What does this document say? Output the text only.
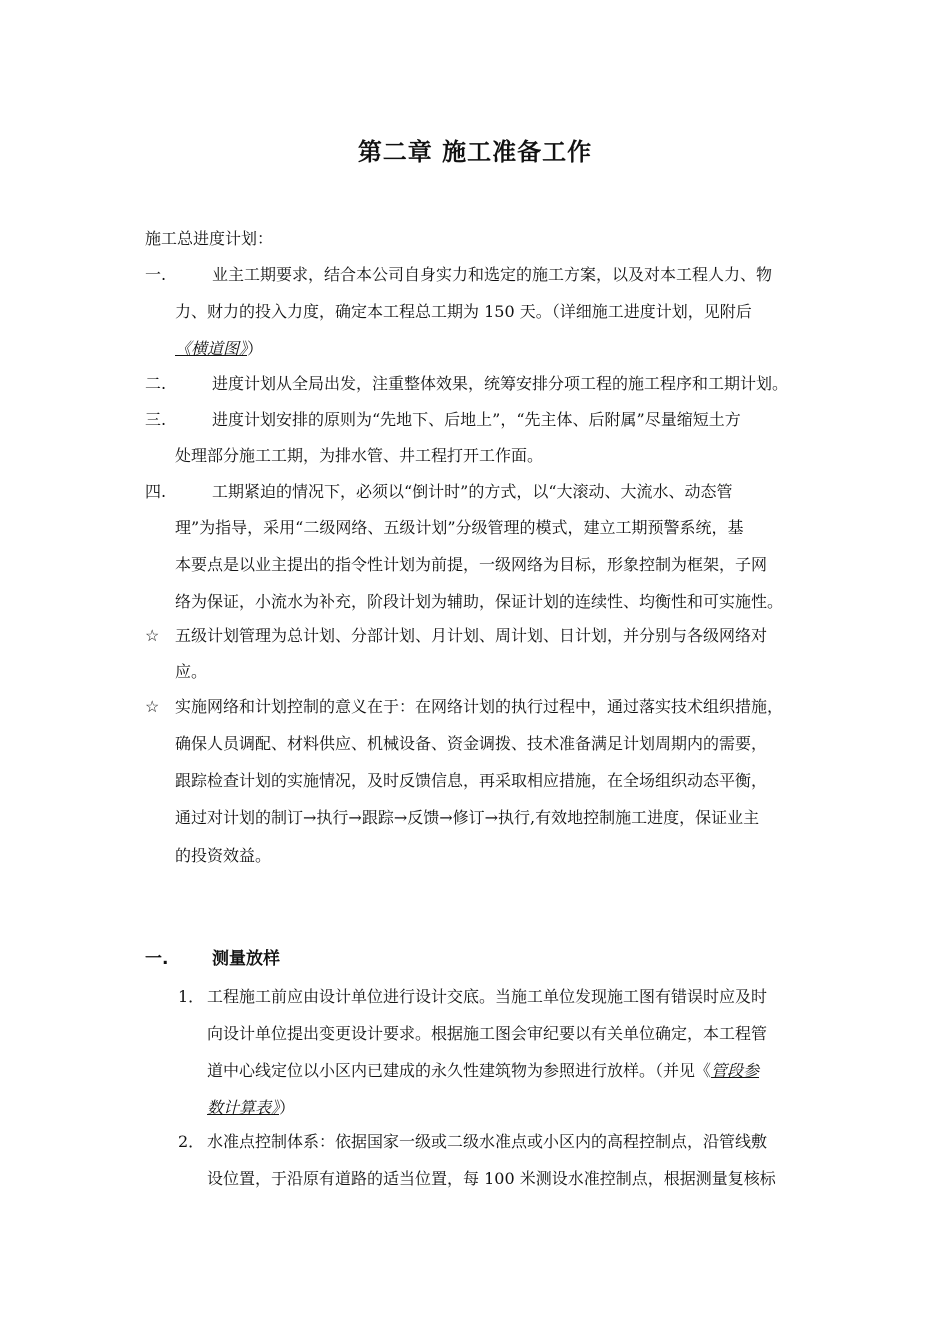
第二章 施工准备工作
施工总进度计划：
一.	业主工期要求，结合本公司自身实力和选定的施工方案，以及对本工程人力、物
力、财力的投入力度，确定本工程总工期为 150 天。（详细施工进度计划，见附后
《横道图》）
二.	进度计划从全局出发，注重整体效果，统筹安排分项工程的施工程序和工期计划。
三.	进度计划安排的原则为“先地下、后地上”，“先主体、后附属”尽量缩短土方
处理部分施工工期，为排水管、井工程打开工作面。
四.	工期紧迫的情况下，必须以“倒计时”的方式，以“大滚动、大流水、动态管
理”为指导，采用“二级网络、五级计划”分级管理的模式，建立工期预警系统，基
本要点是以业主提出的指令性计划为前提，一级网络为目标，形象控制为框架，子网
络为保证，小流水为补充，阶段计划为辅助，保证计划的连续性、均衡性和可实施性。
☆ 五级计划管理为总计划、分部计划、月计划、周计划、日计划，并分别与各级网络对
应。
☆ 实施网络和计划控制的意义在于：在网络计划的执行过程中，通过落实技术组织措施，
确保人员调配、材料供应、机械设备、资金调拨、技术准备满足计划周期内的需要，
跟踪检查计划的实施情况，及时反馈信息，再采取相应措施，在全场组织动态平衡，
通过对计划的制订→执行→跟踪→反馈→修订→执行,有效地控制施工进度，保证业主
的投资效益。
一.	测量放样
1． 工程施工前应由设计单位进行设计交底。当施工单位发现施工图有错误时应及时
向设计单位提出变更设计要求。根据施工图会审纪要以有关单位确定，本工程管
道中心线定位以小区内已建成的永久性建筑物为参照进行放样。（并见《管段参
数计算表》）
2． 水准点控制体系：依据国家一级或二级水准点或小区内的高程控制点，沿管线敷
设位置，于沿原有道路的适当位置，每 100 米测设水准控制点，根据测量复核标
